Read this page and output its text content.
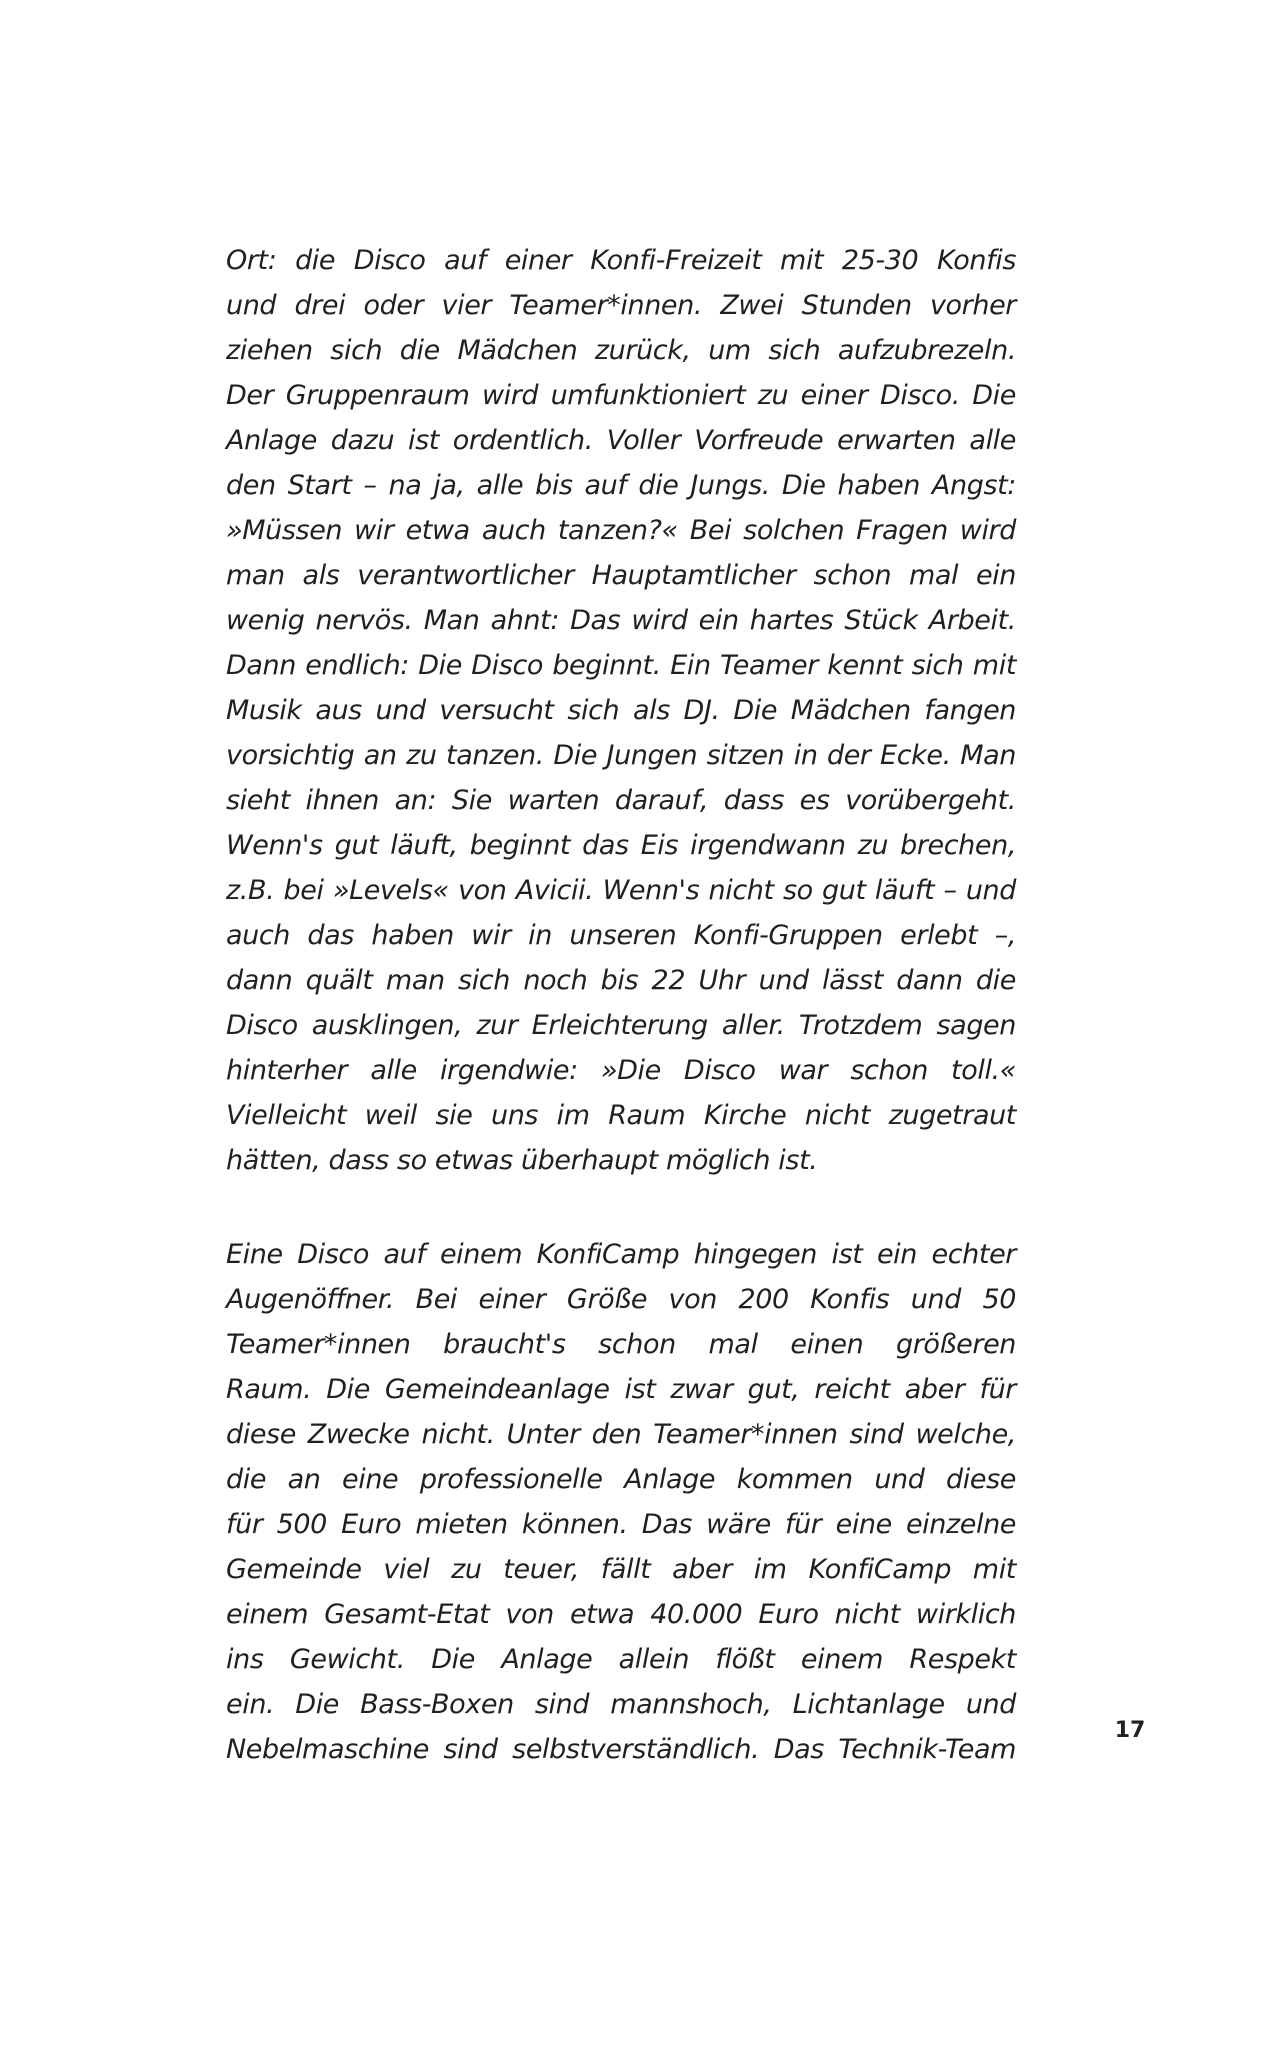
Ort: die Disco auf einer Konfi-Freizeit mit 25-30 Konfis
und drei oder vier Teamer*innen. Zwei Stunden vorher
ziehen sich die Mädchen zurück, um sich aufzubrezeln.
Der Gruppenraum wird umfunktioniert zu einer Disco. Die
Anlage dazu ist ordentlich. Voller Vorfreude erwarten alle
den Start – na ja, alle bis auf die Jungs. Die haben Angst:
»Müssen wir etwa auch tanzen?« Bei solchen Fragen wird
man als verantwortlicher Hauptamtlicher schon mal ein
wenig nervös. Man ahnt: Das wird ein hartes Stück Arbeit.
Dann endlich: Die Disco beginnt. Ein Teamer kennt sich mit
Musik aus und versucht sich als DJ. Die Mädchen fangen
vorsichtig an zu tanzen. Die Jungen sitzen in der Ecke. Man
sieht ihnen an: Sie warten darauf, dass es vorübergeht.
Wenn's gut läuft, beginnt das Eis irgendwann zu brechen,
z.B. bei »Levels« von Avicii. Wenn's nicht so gut läuft – und
auch das haben wir in unseren Konfi-Gruppen erlebt –,
dann quält man sich noch bis 22 Uhr und lässt dann die
Disco ausklingen, zur Erleichterung aller. Trotzdem sagen
hinterher alle irgendwie: »Die Disco war schon toll.«
Vielleicht weil sie uns im Raum Kirche nicht zugetraut
hätten, dass so etwas überhaupt möglich ist.
Eine Disco auf einem KonfiCamp hingegen ist ein echter
Augenöffner. Bei einer Größe von 200 Konfis und 50
Teamer*innen braucht's schon mal einen größeren
Raum. Die Gemeindeanlage ist zwar gut, reicht aber für
diese Zwecke nicht. Unter den Teamer*innen sind welche,
die an eine professionelle Anlage kommen und diese
für 500 Euro mieten können. Das wäre für eine einzelne
Gemeinde viel zu teuer, fällt aber im KonfiCamp mit
einem Gesamt-Etat von etwa 40.000 Euro nicht wirklich
ins Gewicht. Die Anlage allein flößt einem Respekt
ein. Die Bass-Boxen sind mannshoch, Lichtanlage und
Nebelmaschine sind selbstverständlich. Das Technik-Team
17
